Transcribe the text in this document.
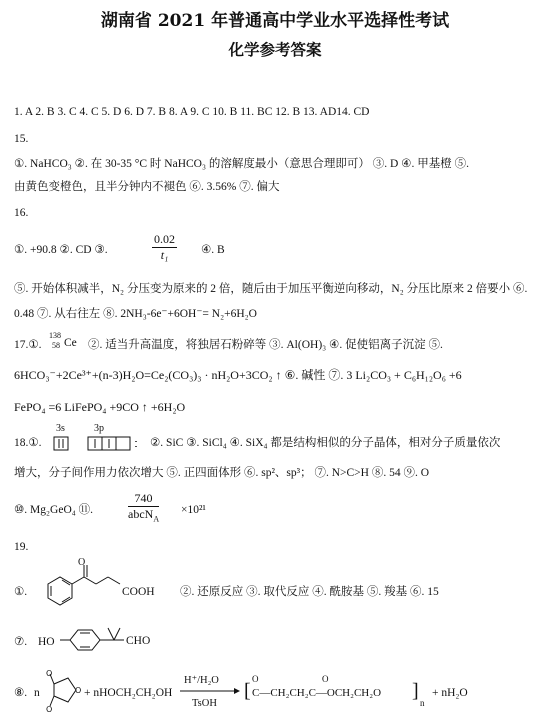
湖南省 2021 年普通高中学业水平选择性考试
化学参考答案
1. A 2. B 3. C 4. C 5. D 6. D 7. B 8. A 9. C 10. B 11. BC 12. B 13. AD14. CD
15.
①. NaHCO₃ ②. 在 30-35 °C 时 NaHCO₃ 的溶解度最小（意思合理即可） ③. D ④. 甲基橙 ⑤.
由黄色变橙色，且半分钟内不褪色 ⑥. 3.56% ⑦. 偏大
16.
①. +90.8 ②. CD ③.	$\frac{0.02}{\text{t₁}}$ ④. B
⑤. 开始体积减半，N₂ 分压变为原来的 2 倍，随后由于加压平衡逆向移动，N₂ 分压比原来 2 倍要小 ⑥.
0.48 ⑦. 从右往左 ⑧. 2NH₃-6e⁻+6OH⁻= N₂+6H₂O
17.①.
138
58 Ce ②. 适当升高温度，将独居石粉碎等 ③. Al(OH)₃ ④. 促使铝离子沉淀 ⑤.
6HCO₃⁻+2Ce³⁺+(n-3)H₂O=Ce₂(CO₃)₃ · nH₂O+3CO₂ ↑ ⑥. 碱性 ⑦. 3 Li₂CO₃ + C₆H₁₂O₆ +6
FePO₄ =6 LiFePO₄ +9CO ↑ +6H₂O
18.①.
3s	3p
②. SiC ③. SiCl₄ ④. SiX₄ 都是结构相似的分子晶体，相对分子质量依次
增大，分子间作用力依次增大 ⑤. 正四面体形 ⑥. sp²、sp³； ⑦. N>C>H ⑧. 54 ⑨. O
⑩. Mg₂GeO₄ ⑪.
740
abcN$_A$
×10²¹
19.
①.
O
COOH ②. 还原反应 ③. 取代反应 ④. 酰胺基 ⑤. 羧基 ⑥. 15
⑦. HO	CHO
⑧. n
O
O
O + nHOCH₂CH₂OH
H⁺/H₂O
TsOH
[
O	O
C—CH₂CH₂C—OCH₂CH₂O ]
n
+ nH₂O
